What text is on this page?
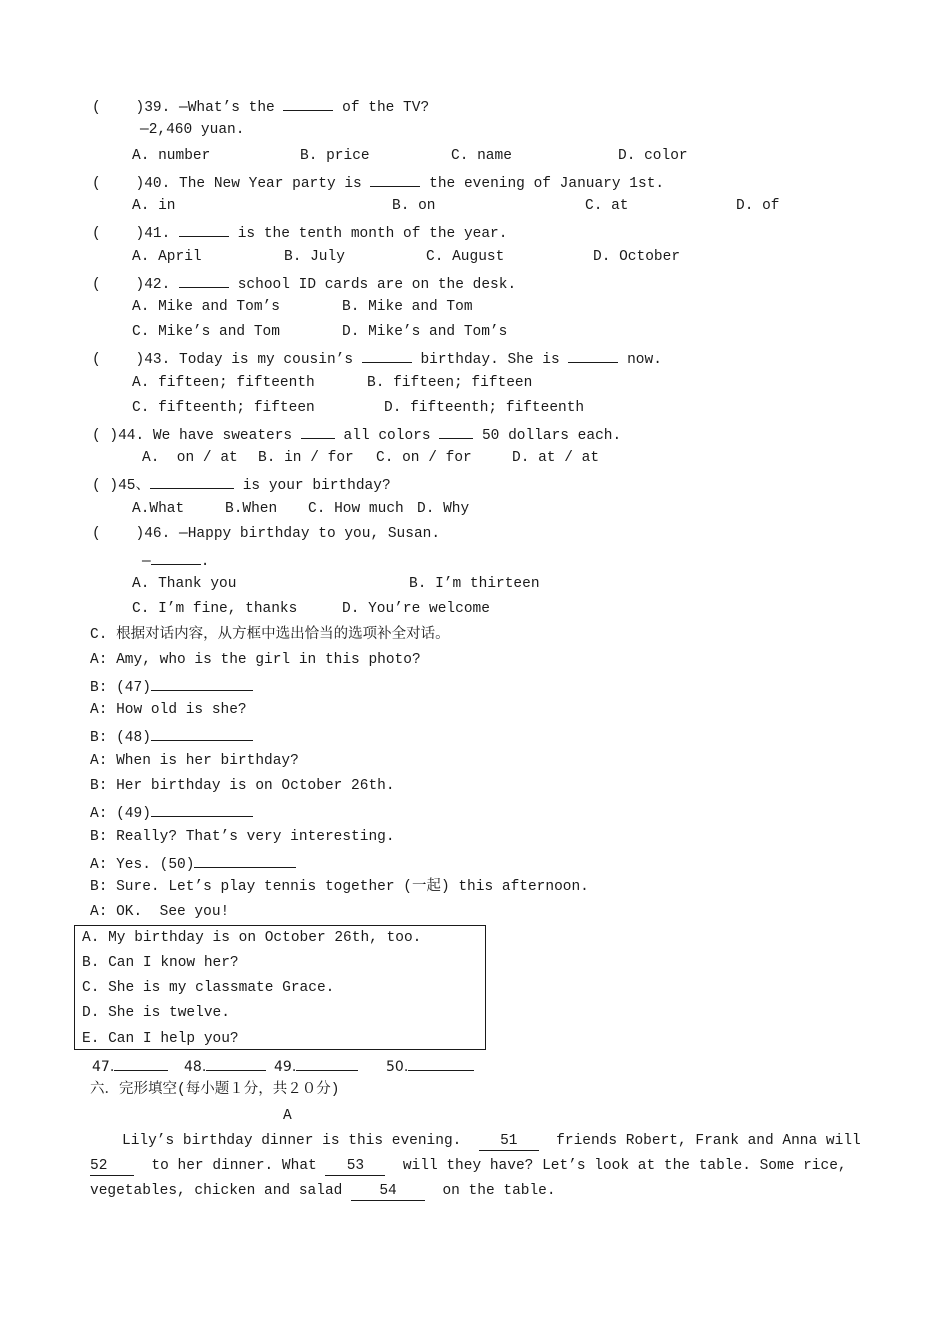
(    )39. —What’s the	of the TV?
—2,460 yuan.
A. number	B. price	C. name	D. color
(    )40. The New Year party is	the evening of January 1st.
A. in	B. on	C. at	D. of
(    )41.	is the tenth month of the year.
A. April	B. July	C. August	D. October
(    )42.	school ID cards are on the desk.
A. Mike and Tom’s	B. Mike and Tom
C. Mike’s and Tom	D. Mike’s and Tom’s
(    )43. Today is my cousin’s	birthday. She is	now.
A. fifteen; fifteenth	B. fifteen; fifteen
C. fifteenth; fifteen	D. fifteenth; fifteenth
( )44. We have sweaters  all colors  50 dollars each.
A.  on / at B. in / for C. on / for	D. at / at
( )45、	is your birthday?
A.What	B.When C. How much D. Why
(    )46. —Happy birthday to you, Susan.
—	.
A. Thank you	B. I’m thirteen
C. I’m fine, thanks	D. You’re welcome
C. 根据对话内容，从方框中选出恰当的选项补全对话。
A: Amy, who is the girl in this photo?
B: (47)
A: How old is she?
B: (48)
A: When is her birthday?
B: Her birthday is on October 26th.
A: (49)
B: Really? That’s very interesting.
A: Yes. (50)
B: Sure. Let’s play tennis together (一起) this afternoon.
A: OK.  See you!
A. My birthday is on October 26th, too.
B. Can I know her?
C. She is my classmate Grace.
D. She is twelve.
E. Can I help you?
47.	48.	49.	50.
六．完形填空(每小题１分，共２０分)
A
Lily’s birthday dinner is this evening.	51	friends Robert, Frank and Anna will
52	to her dinner. What 53	will they have? Let’s look at the table. Some rice,
vegetables, chicken and salad	54	on the table.
